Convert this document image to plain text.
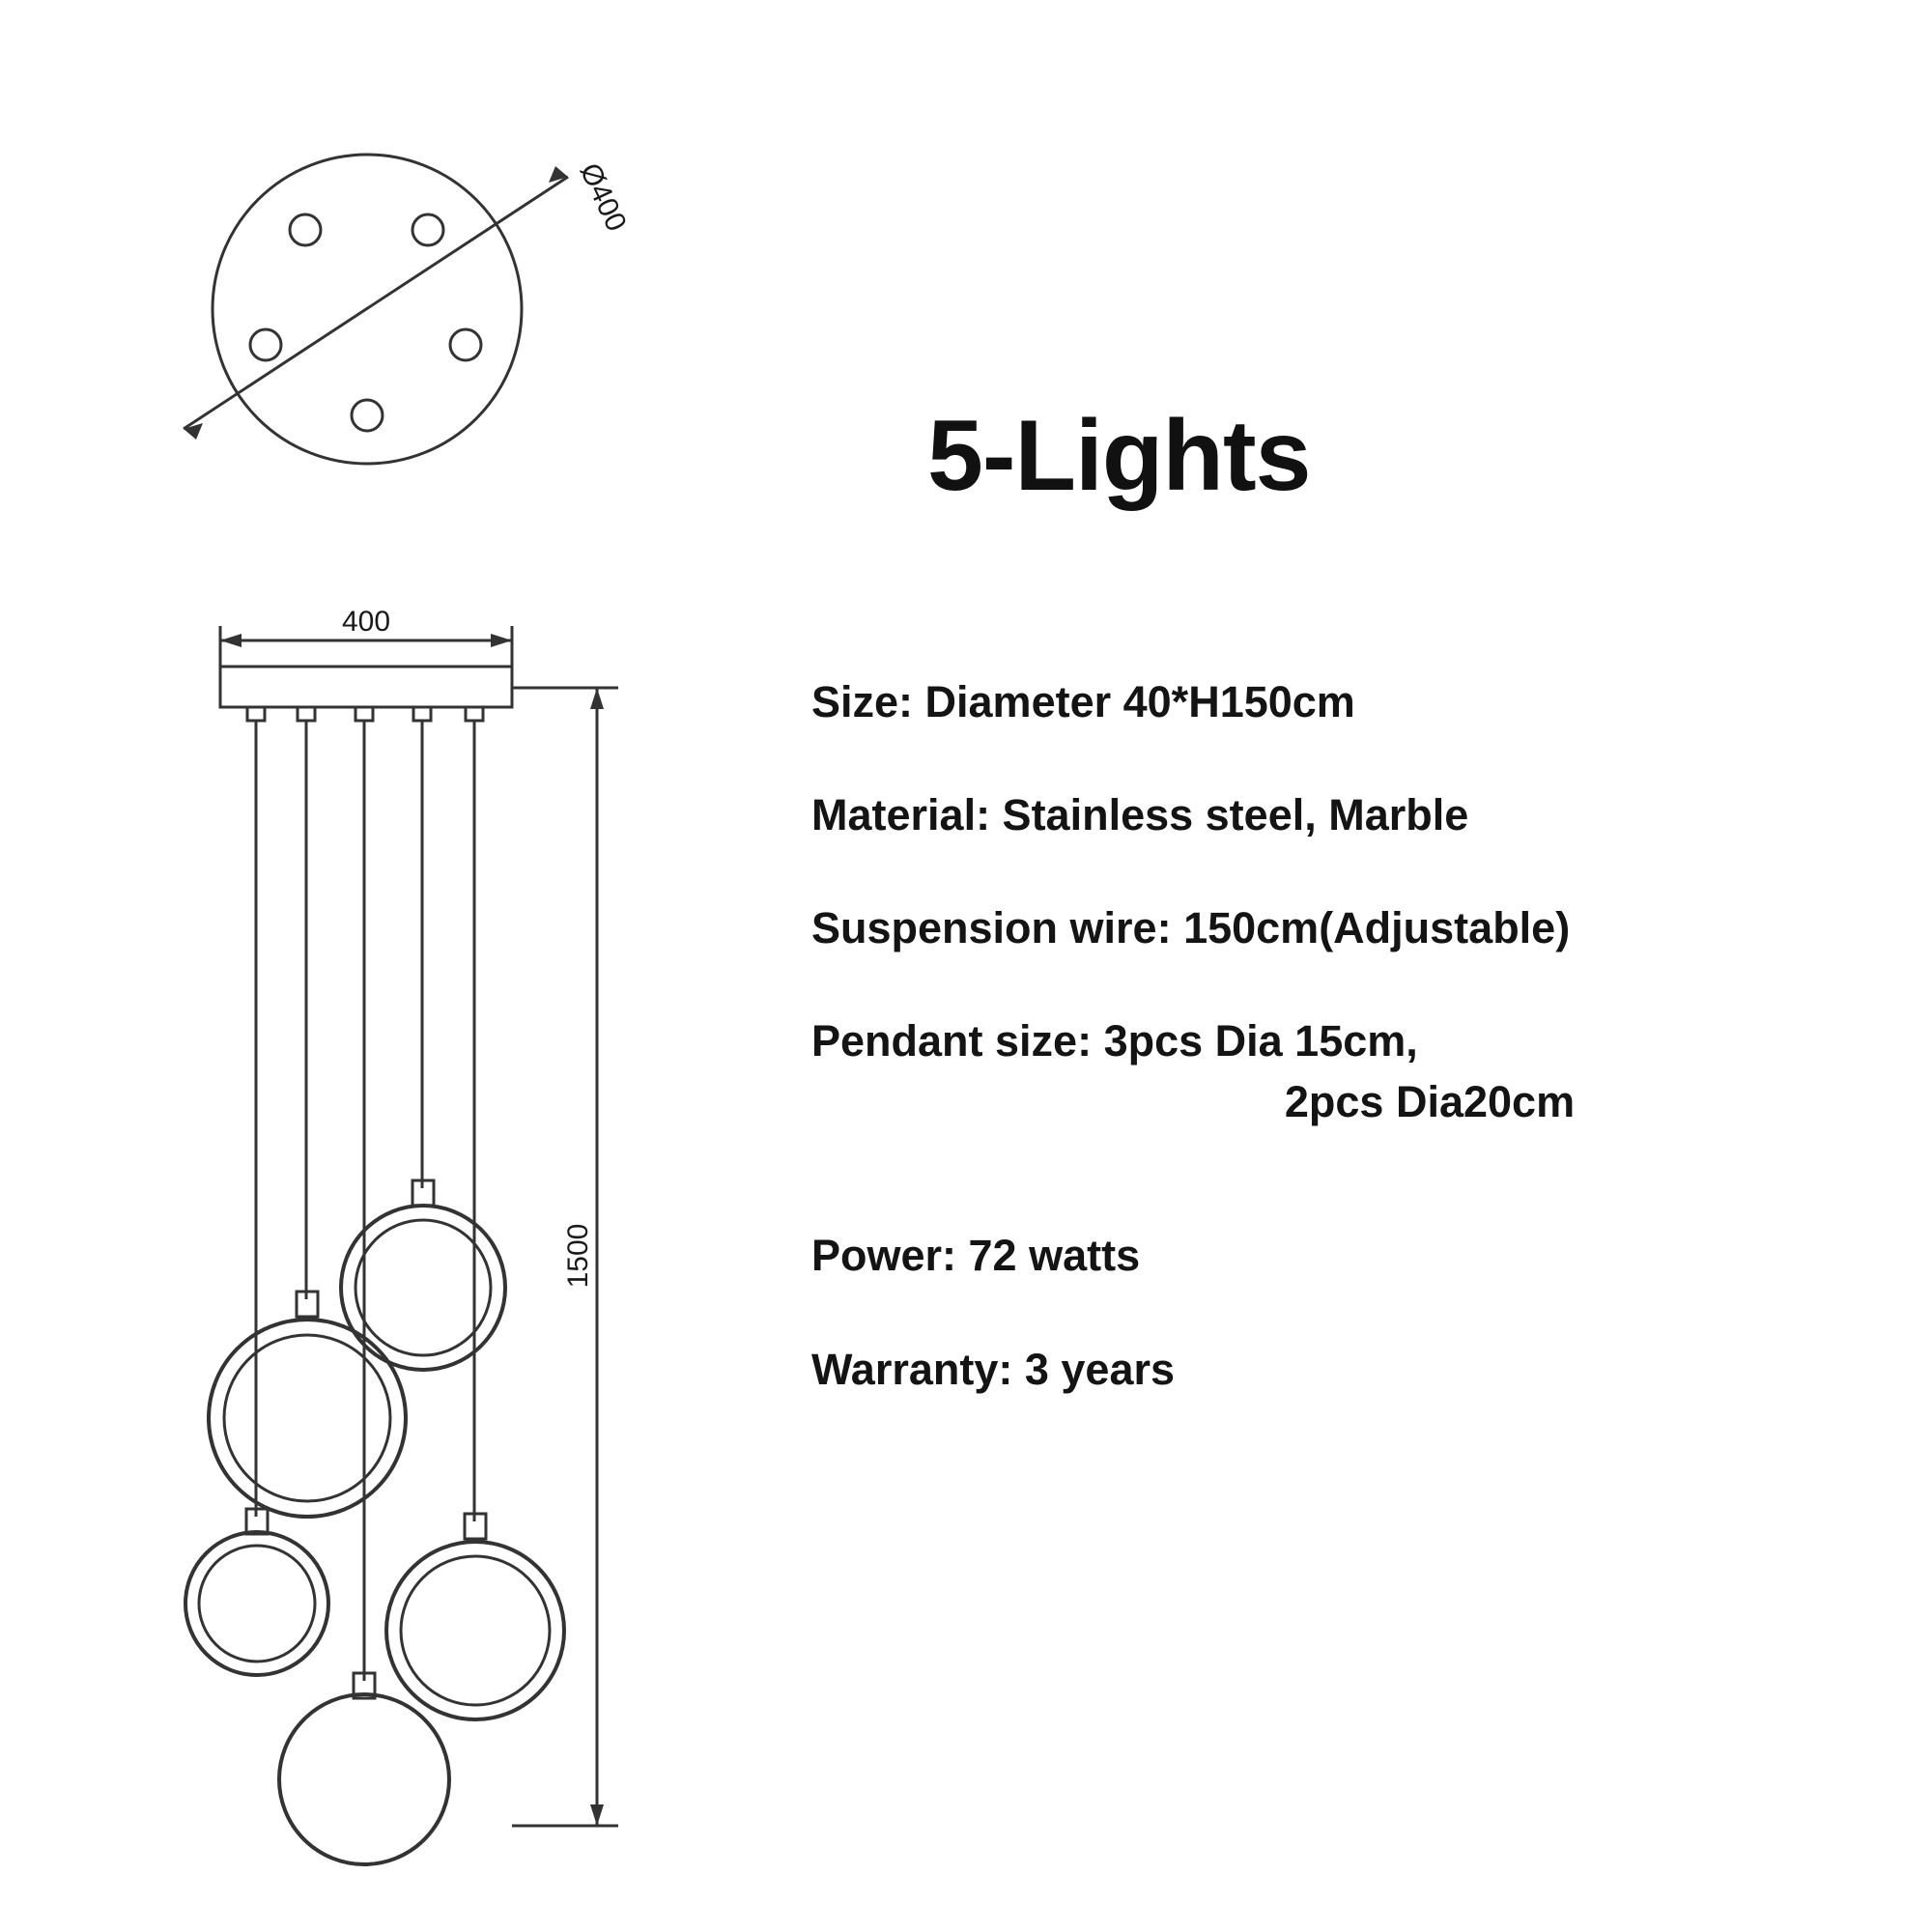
Ø400
400
1500
5-Lights
Size: Diameter 40*H150cm
Material: Stainless steel, Marble
Suspension wire: 150cm(Adjustable)
Pendant size: 3pcs Dia 15cm,
2pcs Dia20cm
Power: 72 watts
Warranty: 3 years
